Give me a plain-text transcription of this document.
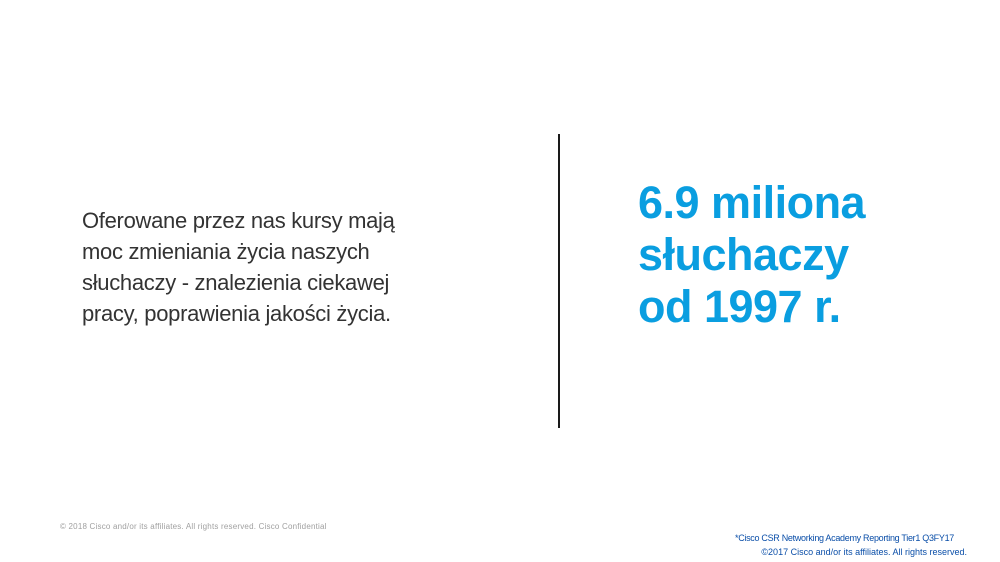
Oferowane przez nas kursy mają
moc zmieniania życia naszych
słuchaczy - znalezienia ciekawej
pracy, poprawienia jakości życia.

6.9 miliona
słuchaczy
od 1997 r.

© 2018 Cisco and/or its affiliates. All rights reserved. Cisco Confidential
*Cisco CSR Networking Academy Reporting Tier1 Q3FY17
©2017 Cisco and/or its affiliates. All rights reserved.
